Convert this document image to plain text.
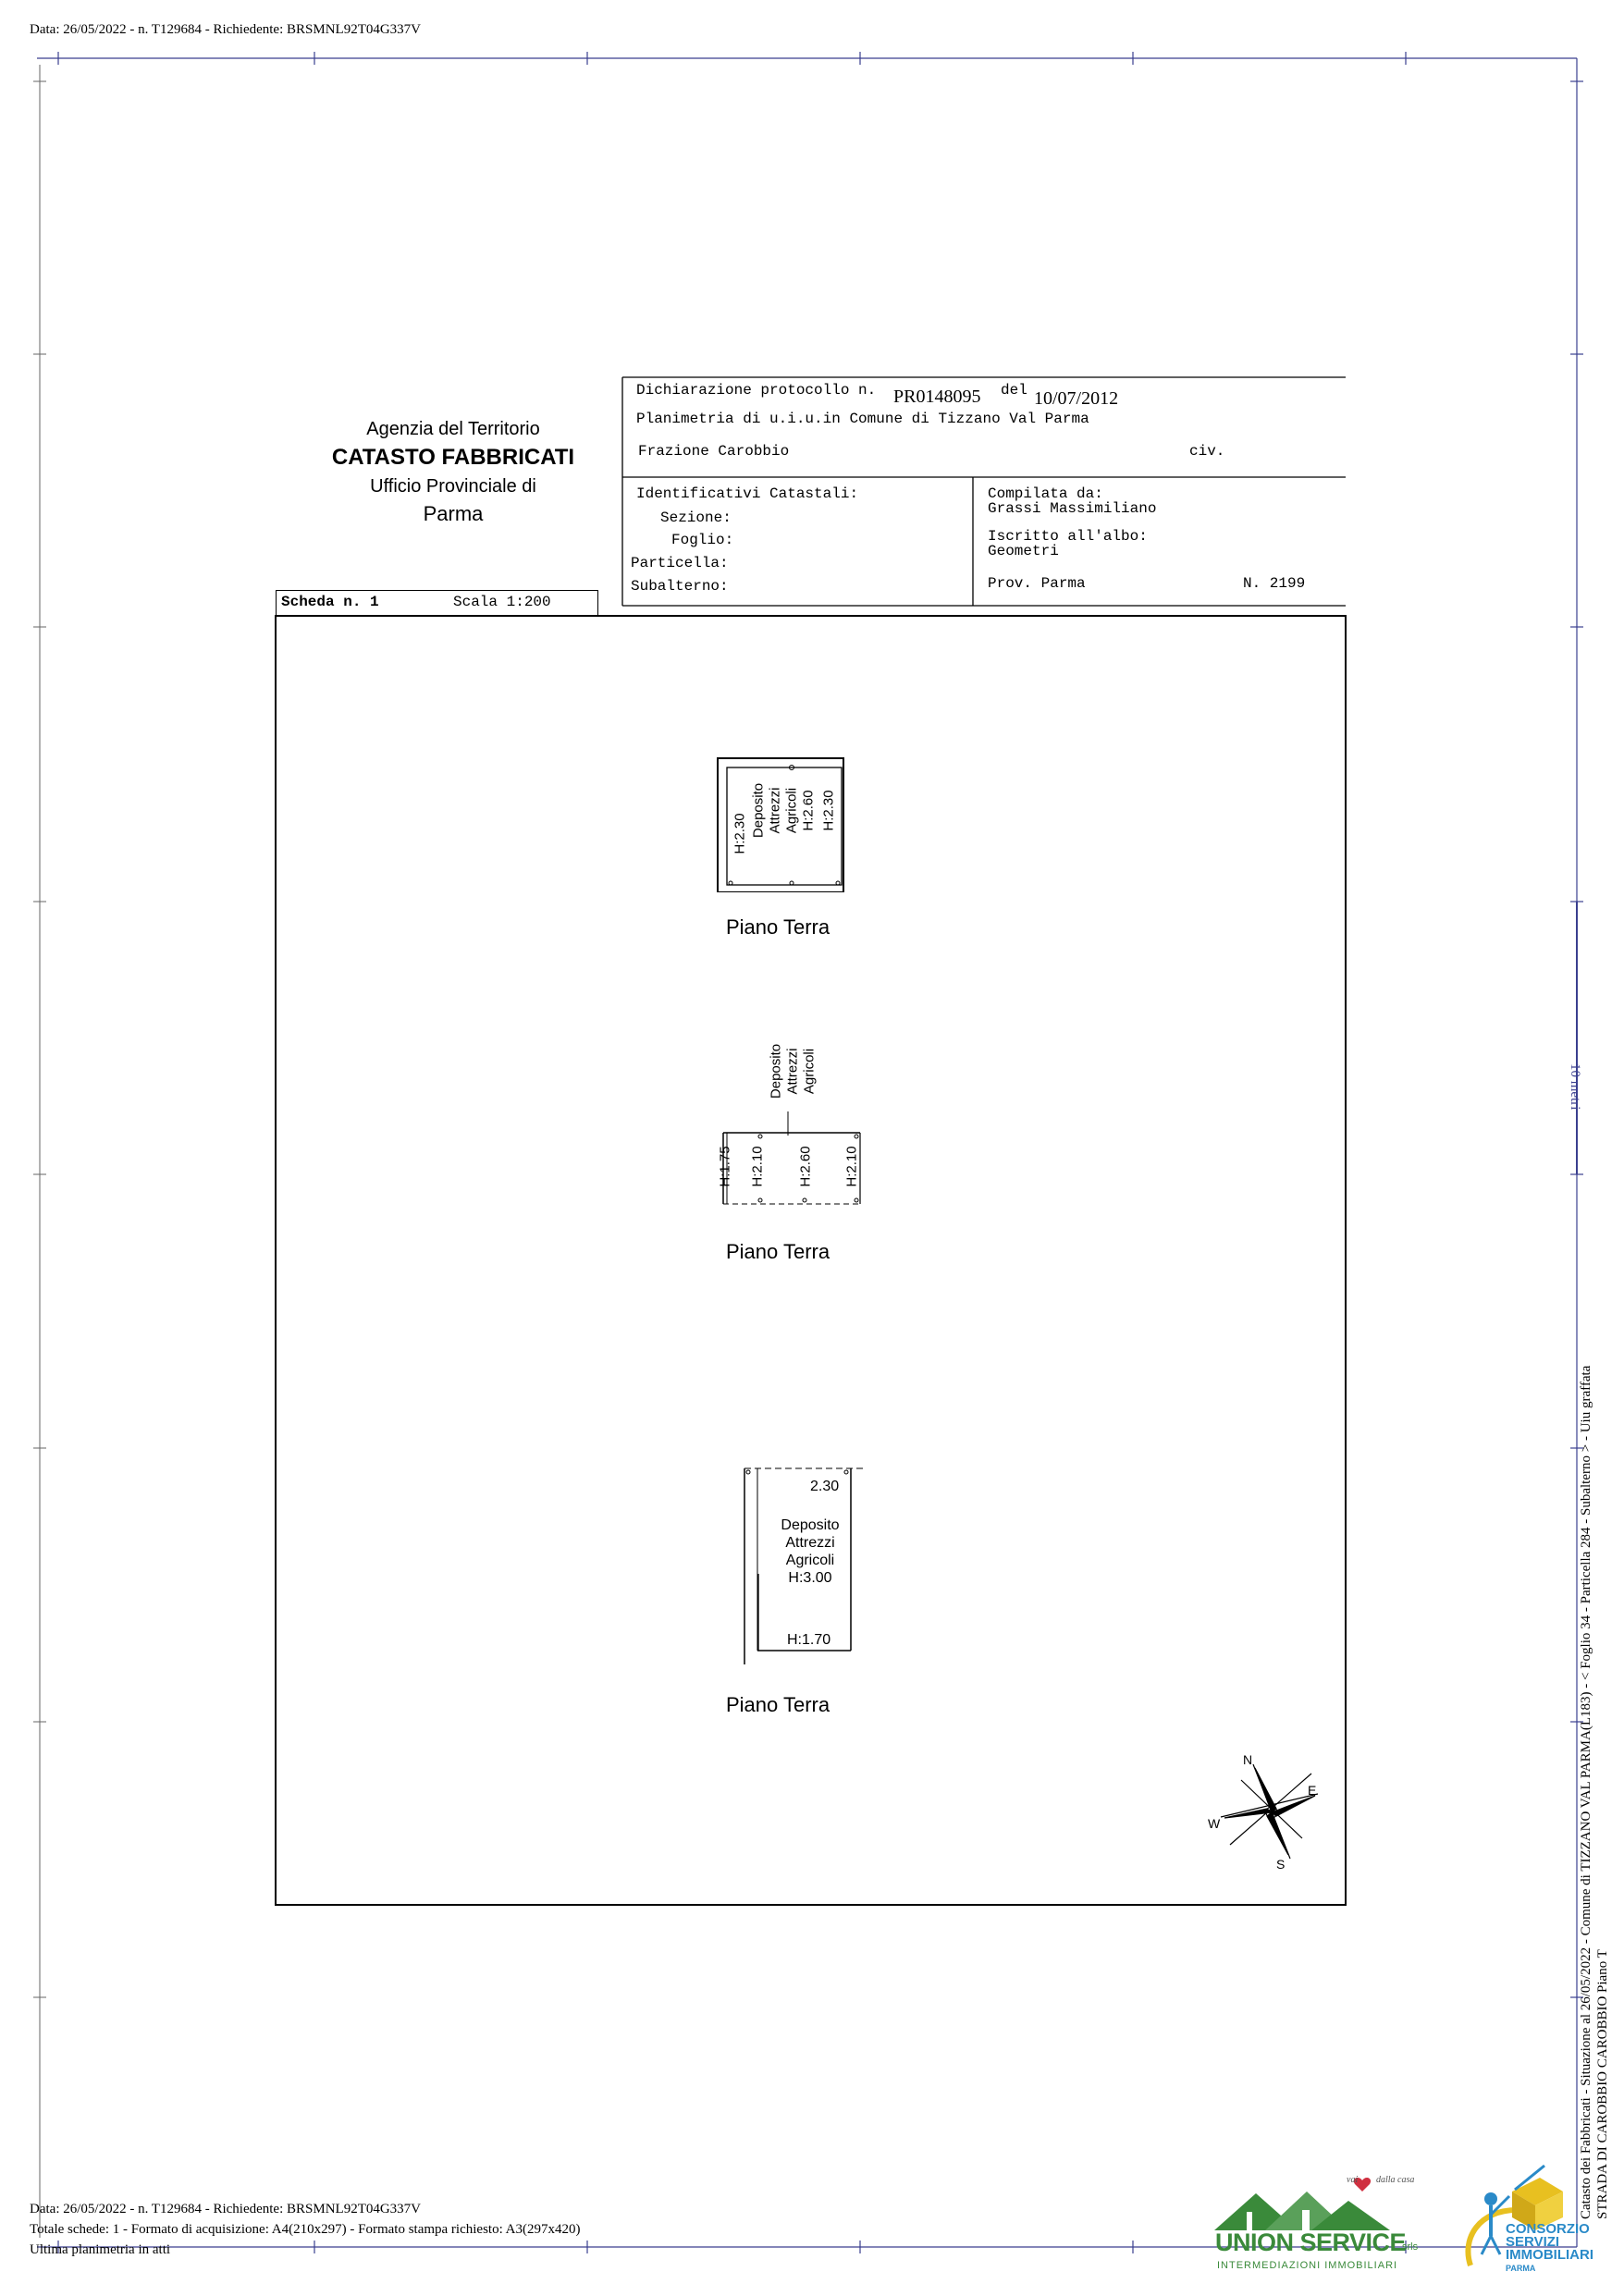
Data: 26/05/2022 - n. T129684 - Richiedente: BRSMNL92T04G337V
Agenzia del Territorio
CATASTO FABBRICATI
Ufficio Provinciale di
Parma
Dichiarazione protocollo n. PR0148095 del 10/07/2012
Planimetria di u.i.u.in Comune di Tizzano Val Parma
Frazione Carobbio	civ.
Identificativi Catastali:
Sezione:
Foglio:
Particella:
Subalterno:
Compilata da:
Grassi Massimiliano
Iscritto all'albo:
Geometri
Prov. Parma	N. 2199
Scheda n. 1	Scala 1:200
H:2.30 Deposito Attrezzi Agricoli H:2.60 H:2.30
Piano Terra
Deposito Attrezzi Agricoli
H:1.75 H:2.10 H:2.60 H:2.10
Piano Terra
2.30
Deposito
Attrezzi
Agricoli
H:3.00
H:1.70
Piano Terra
N
E
S
W
10 metri
Catasto dei Fabbricati - Situazione al 26/05/2022 - Comune di TIZZANO VAL PARMA(L183) - < Foglio 34 - Particella 284 - Subalterno > - Uiu graffata STRADA DI CAROBBIO CAROBBIO Piano T
Data: 26/05/2022 - n. T129684 - Richiedente: BRSMNL92T04G337V
Totale schede: 1 - Formato di acquisizione: A4(210x297) - Formato stampa richiesto: A3(297x420)
Ultima planimetria in atti
vai dalla casa
UNION SERVICE
srls
INTERMEDIAZIONI IMMOBILIARI
CONSORZIO
SERVIZI
IMMOBILIARI
PARMA
